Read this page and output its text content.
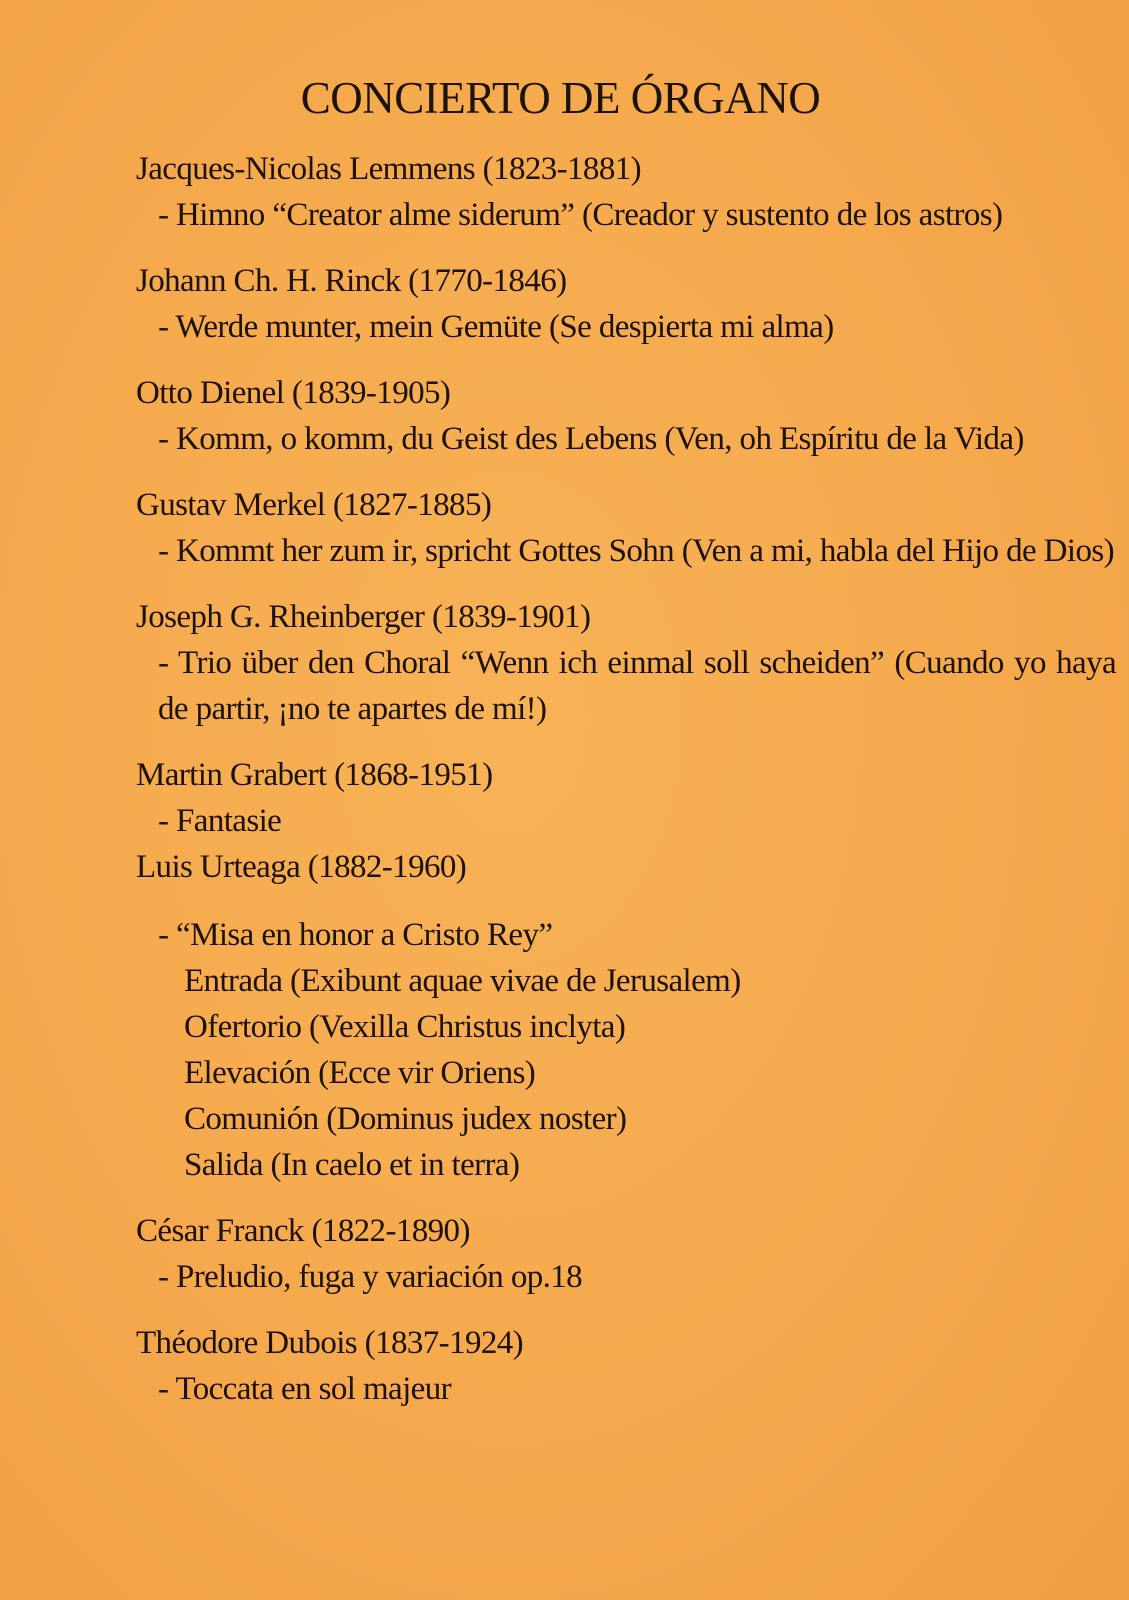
CONCIERTO DE ÓRGANO
Jacques-Nicolas Lemmens (1823-1881)
- Himno “Creator alme siderum” (Creador y sustento de los astros)
Johann Ch. H. Rinck (1770-1846)
- Werde munter, mein Gemüte (Se despierta mi alma)
Otto Dienel (1839-1905)
- Komm, o komm, du Geist des Lebens (Ven, oh Espíritu de la Vida)
Gustav Merkel (1827-1885)
- Kommt her zum ir, spricht Gottes Sohn (Ven a mi, habla del Hijo de Dios)
Joseph G. Rheinberger (1839-1901)
- Trio über den Choral “Wenn ich einmal soll scheiden” (Cuando yo haya de partir, ¡no te apartes de mí!)
Martin Grabert (1868-1951)
- Fantasie
Luis Urteaga (1882-1960)
- “Misa en honor a Cristo Rey”
Entrada (Exibunt aquae vivae de Jerusalem)
Ofertorio (Vexilla Christus inclyta)
Elevación (Ecce vir Oriens)
Comunión (Dominus judex noster)
Salida (In caelo et in terra)
César Franck (1822-1890)
- Preludio, fuga y variación op.18
Théodore Dubois (1837-1924)
- Toccata en sol majeur
